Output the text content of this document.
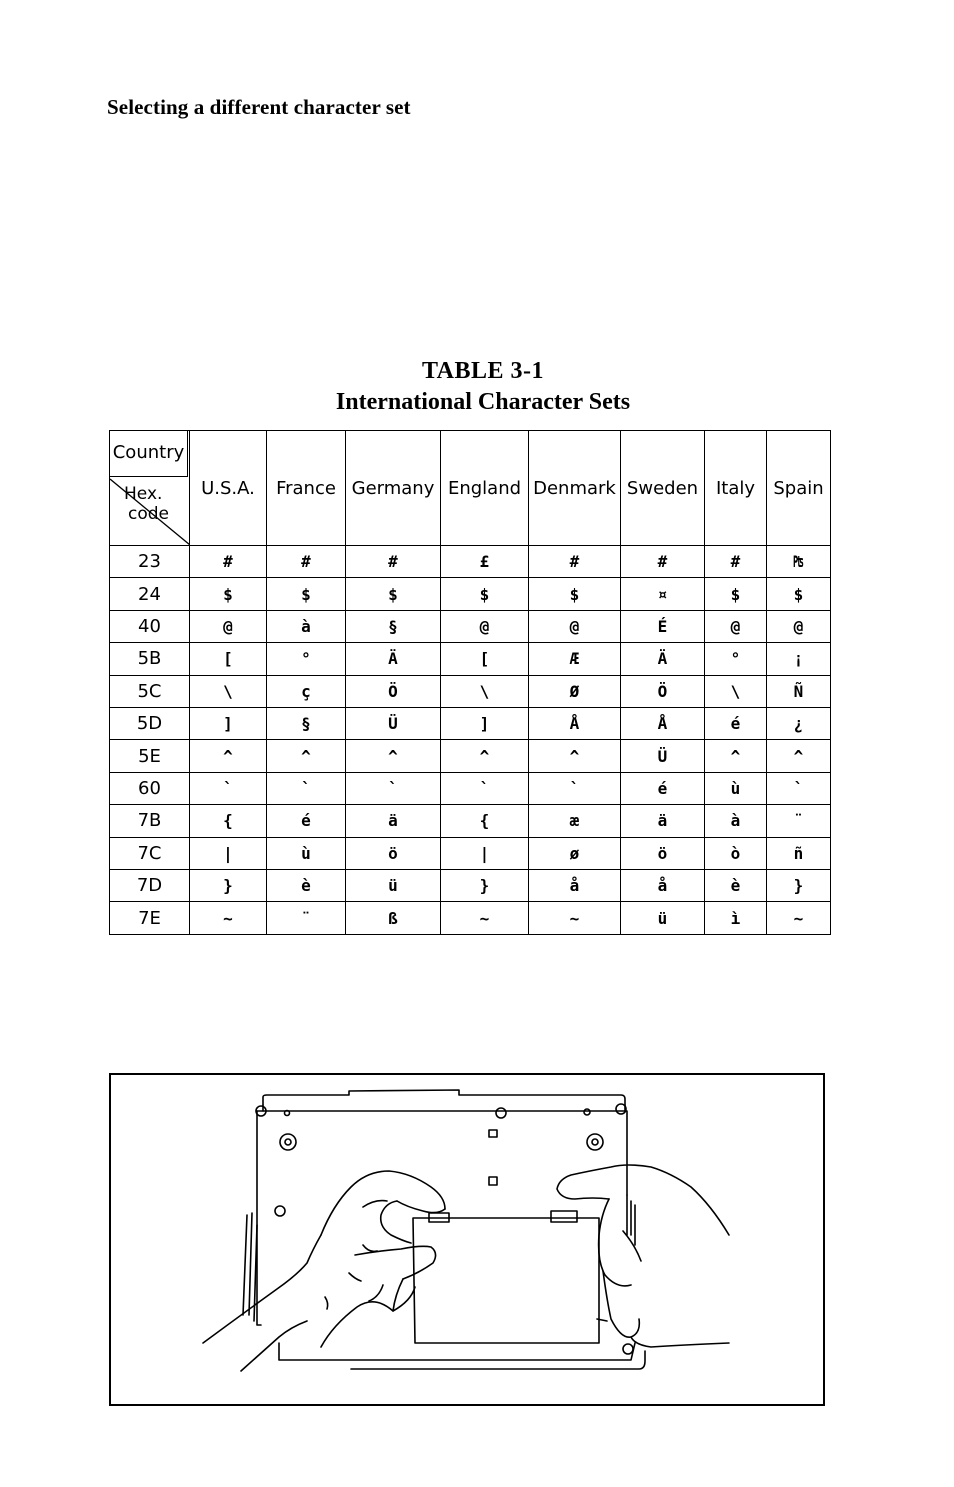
Selecting a different character set
TABLE 3-1
International Character Sets
Country
Hex.
code	U.S.A.	France	Germany	England	Denmark	Sweden	Italy	Spain
23	#	#	#	£	#	#	#	₧
24	$	$	$	$	$	¤	$	$
40	@	à	§	@	@	É	@	@
5B	[	°	Ä	[	Æ	Ä	°	¡
5C	\	ç	Ö	\	Ø	Ö	\	Ñ
5D	]	§	Ü	]	Å	Å	é	¿
5E	^	^	^	^	^	Ü	^	^
60	`	`	`	`	`	é	ù	`
7B	{	é	ä	{	æ	ä	à	¨
7C	|	ù	ö	|	ø	ö	ò	ñ
7D	}	è	ü	}	å	å	è	}
7E	~	¨	ß	~	~	ü	ì	~
